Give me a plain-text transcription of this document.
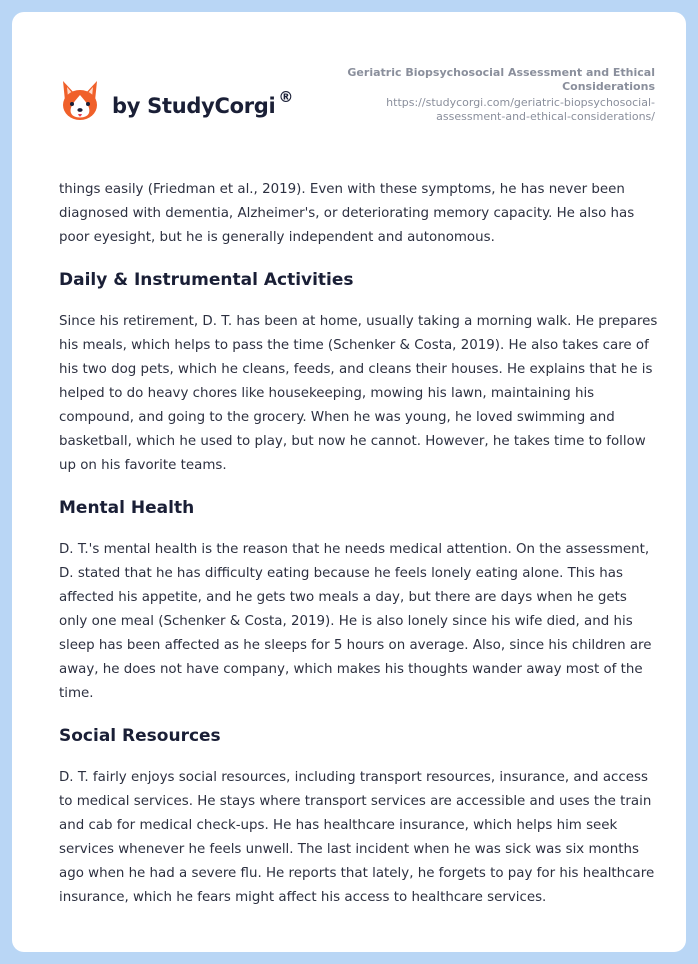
by StudyCorgi ®
Geriatric Biopsychosocial Assessment and Ethical Considerations
https://studycorgi.com/geriatric-biopsychosocial-assessment-and-ethical-considerations/

things easily (Friedman et al., 2019). Even with these symptoms, he has never been diagnosed with dementia, Alzheimer's, or deteriorating memory capacity. He also has poor eyesight, but he is generally independent and autonomous.

Daily & Instrumental Activities

Since his retirement, D. T. has been at home, usually taking a morning walk. He prepares his meals, which helps to pass the time (Schenker & Costa, 2019). He also takes care of his two dog pets, which he cleans, feeds, and cleans their houses. He explains that he is helped to do heavy chores like housekeeping, mowing his lawn, maintaining his compound, and going to the grocery. When he was young, he loved swimming and basketball, which he used to play, but now he cannot. However, he takes time to follow up on his favorite teams.

Mental Health

D. T.'s mental health is the reason that he needs medical attention. On the assessment, D. stated that he has difficulty eating because he feels lonely eating alone. This has affected his appetite, and he gets two meals a day, but there are days when he gets only one meal (Schenker & Costa, 2019). He is also lonely since his wife died, and his sleep has been affected as he sleeps for 5 hours on average. Also, since his children are away, he does not have company, which makes his thoughts wander away most of the time.

Social Resources

D. T. fairly enjoys social resources, including transport resources, insurance, and access to medical services. He stays where transport services are accessible and uses the train and cab for medical check-ups. He has healthcare insurance, which helps him seek services whenever he feels unwell. The last incident when he was sick was six months ago when he had a severe flu. He reports that lately, he forgets to pay for his healthcare insurance, which he fears might affect his access to healthcare services.
